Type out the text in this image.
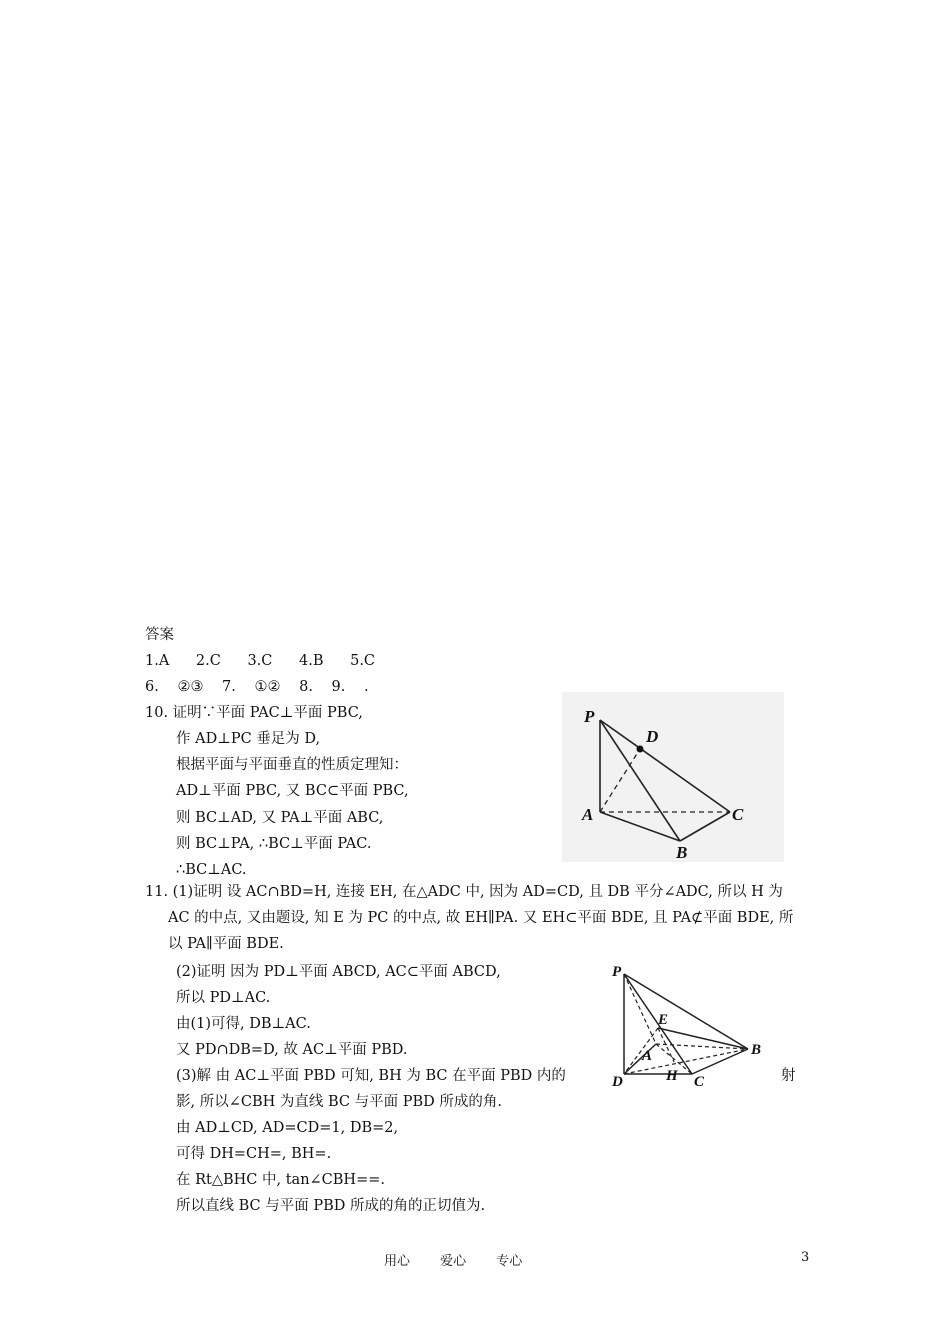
答案
1.A 2.C 3.C 4.B 5.C
6. ②③ 7. ①② 8. 9. .
10. 证明∵平面 PAC⊥平面 PBC,
作 AD⊥PC 垂足为 D,
根据平面与平面垂直的性质定理知：
AD⊥平面 PBC, 又 BC⊂平面 PBC,
则 BC⊥AD, 又 PA⊥平面 ABC,
则 BC⊥PA, ∴BC⊥平面 PAC.
∴BC⊥AC.
P
D
A	C
B
11. (1)证明 设 AC∩BD=H, 连接 EH, 在△ADC 中, 因为 AD=CD, 且 DB 平分∠ADC, 所以 H 为
AC 的中点, 又由题设, 知 E 为 PC 的中点, 故 EH∥PA. 又 EH⊂平面 BDE, 且 PA⊄平面 BDE, 所
以 PA∥平面 BDE.
(2)证明 因为 PD⊥平面 ABCD, AC⊂平面 ABCD,
所以 PD⊥AC.
由(1)可得, DB⊥AC.
又 PD∩DB=D, 故 AC⊥平面 PBD.
(3)解 由 AC⊥平面 PBD 可知, BH 为 BC 在平面 PBD 内的	射
影, 所以∠CBH 为直线 BC 与平面 PBD 所成的角.
由 AD⊥CD, AD=CD=1, DB=2,
可得 DH=CH=, BH=.
在 Rt△BHC 中, tan∠CBH==.
所以直线 BC 与平面 PBD 所成的角的正切值为.
P
E
B
A
D	H C
用心 爱心 专心	3
